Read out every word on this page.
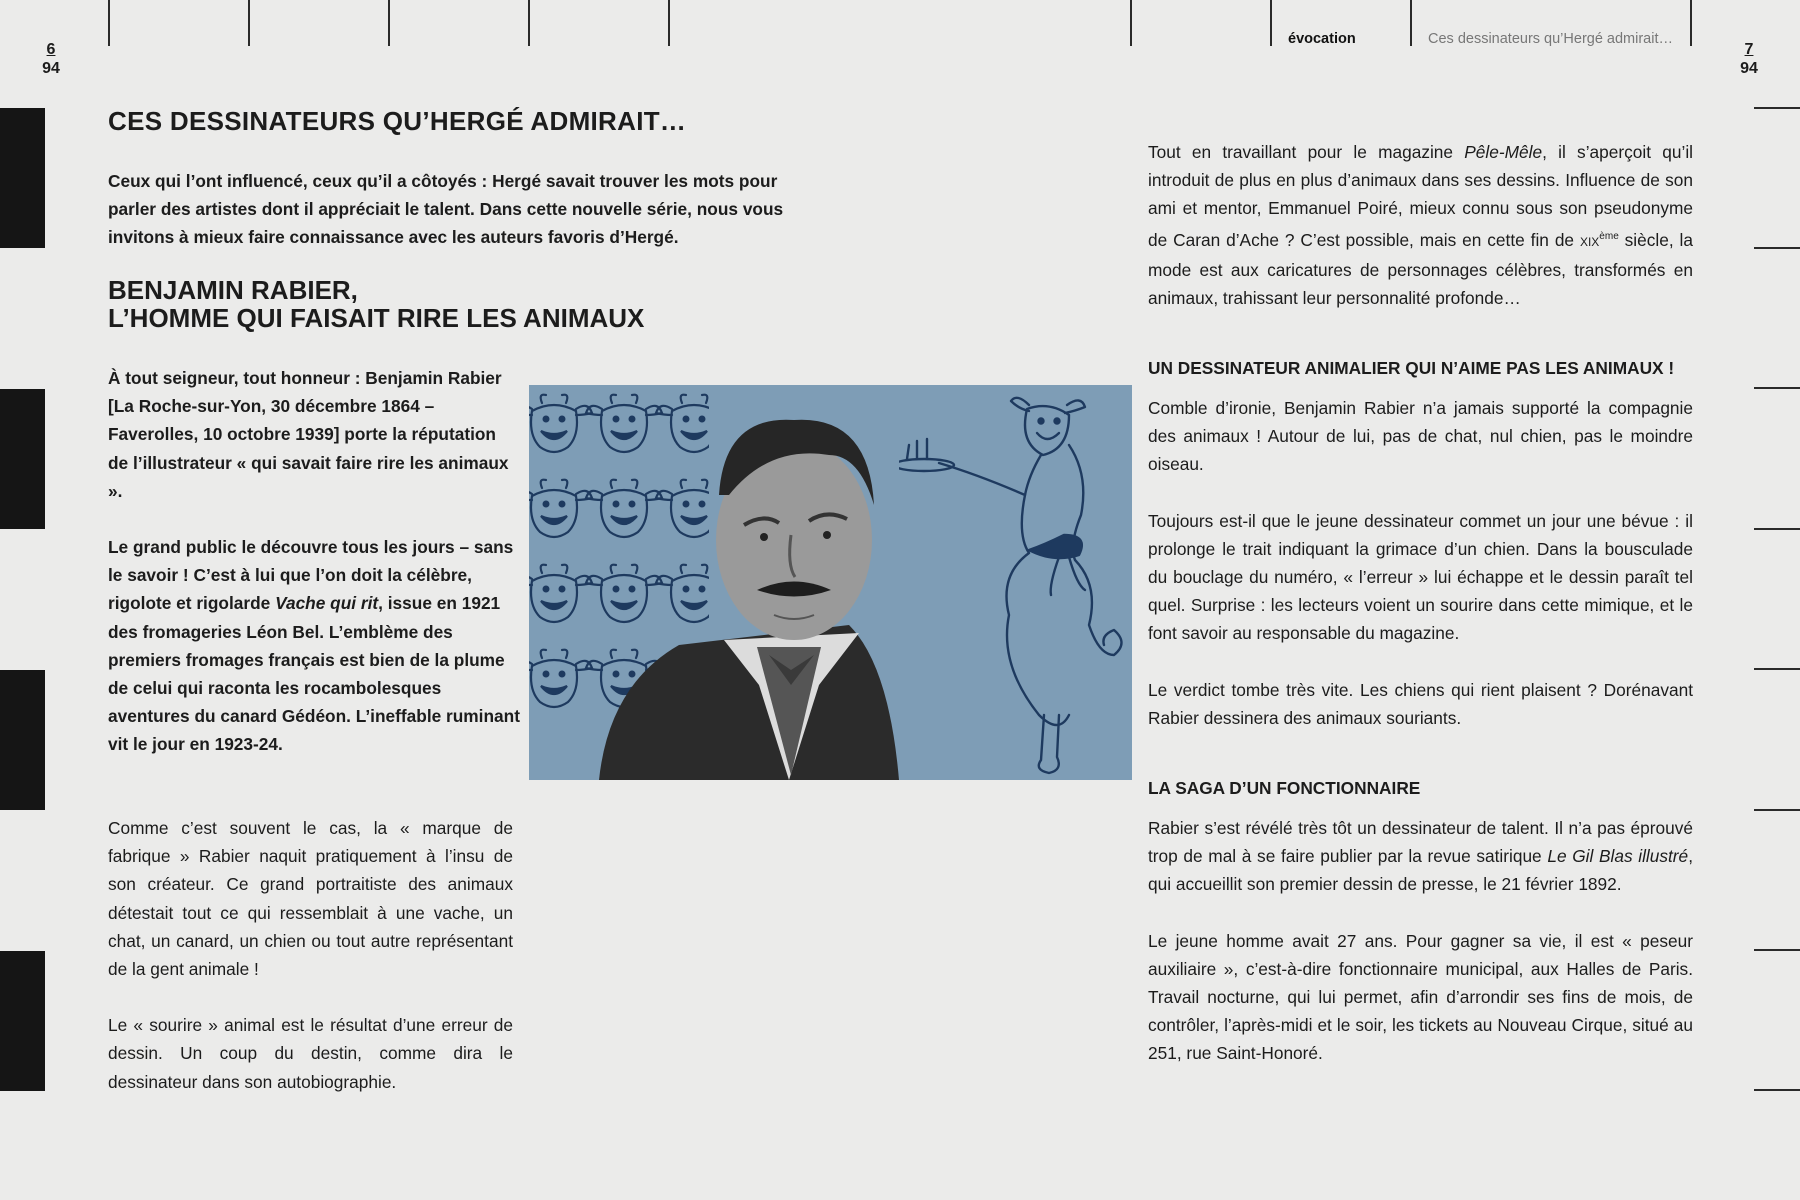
6
94
7
94
évocation	Ces dessinateurs qu’Hergé admirait…
CES DESSINATEURS QU’HERGÉ ADMIRAIT…
Ceux qui l’ont influencé, ceux qu’il a côtoyés : Hergé savait trouver les mots pour parler des artistes dont il appréciait le talent. Dans cette nouvelle série, nous vous invitons à mieux faire connaissance avec les auteurs favoris d’Hergé.
BENJAMIN RABIER,
L’HOMME QUI FAISAIT RIRE LES ANIMAUX

À tout seigneur, tout honneur : Benjamin Rabier [La Roche-sur-Yon, 30 décembre 1864 – Faverolles, 10 octobre 1939] porte la réputation de l’illustrateur « qui savait faire rire les animaux ».

Le grand public le découvre tous les jours – sans le savoir ! C’est à lui que l’on doit la célèbre, rigolote et rigolarde Vache qui rit, issue en 1921 des fromageries Léon Bel. L’emblème des premiers fromages français est bien de la plume de celui qui raconta les rocambolesques aventures du canard Gédéon. L’ineffable ruminant vit le jour en 1923-24.

Comme c’est souvent le cas, la « marque de fabrique » Rabier naquit pratiquement à l’insu de son créateur. Ce grand portraitiste des animaux détestait tout ce qui ressemblait à une vache, un chat, un canard, un chien ou tout autre représentant de la gent animale !

Le « sourire » animal est le résultat d’une erreur de dessin. Un coup du destin, comme dira le dessinateur dans son autobiographie.

Tout en travaillant pour le magazine Pêle-Mêle, il s’aperçoit qu’il introduit de plus en plus d’animaux dans ses dessins. Influence de son ami et mentor, Emmanuel Poiré, mieux connu sous son pseudonyme de Caran d’Ache ? C’est possible, mais en cette fin de XIXème siècle, la mode est aux caricatures de personnages célèbres, transformés en animaux, trahissant leur personnalité profonde…

UN DESSINATEUR ANIMALIER QUI N’AIME PAS LES ANIMAUX !

Comble d’ironie, Benjamin Rabier n’a jamais supporté la compagnie des animaux ! Autour de lui, pas de chat, nul chien, pas le moindre oiseau.

Toujours est-il que le jeune dessinateur commet un jour une bévue : il prolonge le trait indiquant la grimace d’un chien. Dans la bousculade du bouclage du numéro, « l’erreur » lui échappe et le dessin paraît tel quel. Surprise : les lecteurs voient un sourire dans cette mimique, et le font savoir au responsable du magazine.

Le verdict tombe très vite. Les chiens qui rient plaisent ? Dorénavant Rabier dessinera des animaux souriants.

LA SAGA D’UN FONCTIONNAIRE

Rabier s’est révélé très tôt un dessinateur de talent. Il n’a pas éprouvé trop de mal à se faire publier par la revue satirique Le Gil Blas illustré, qui accueillit son premier dessin de presse, le 21 février 1892.

Le jeune homme avait 27 ans. Pour gagner sa vie, il est « peseur auxiliaire », c’est-à-dire fonctionnaire municipal, aux Halles de Paris. Travail nocturne, qui lui permet, afin d’arrondir ses fins de mois, de contrôler, l’après-midi et le soir, les tickets au Nouveau Cirque, situé au 251, rue Saint-Honoré.
